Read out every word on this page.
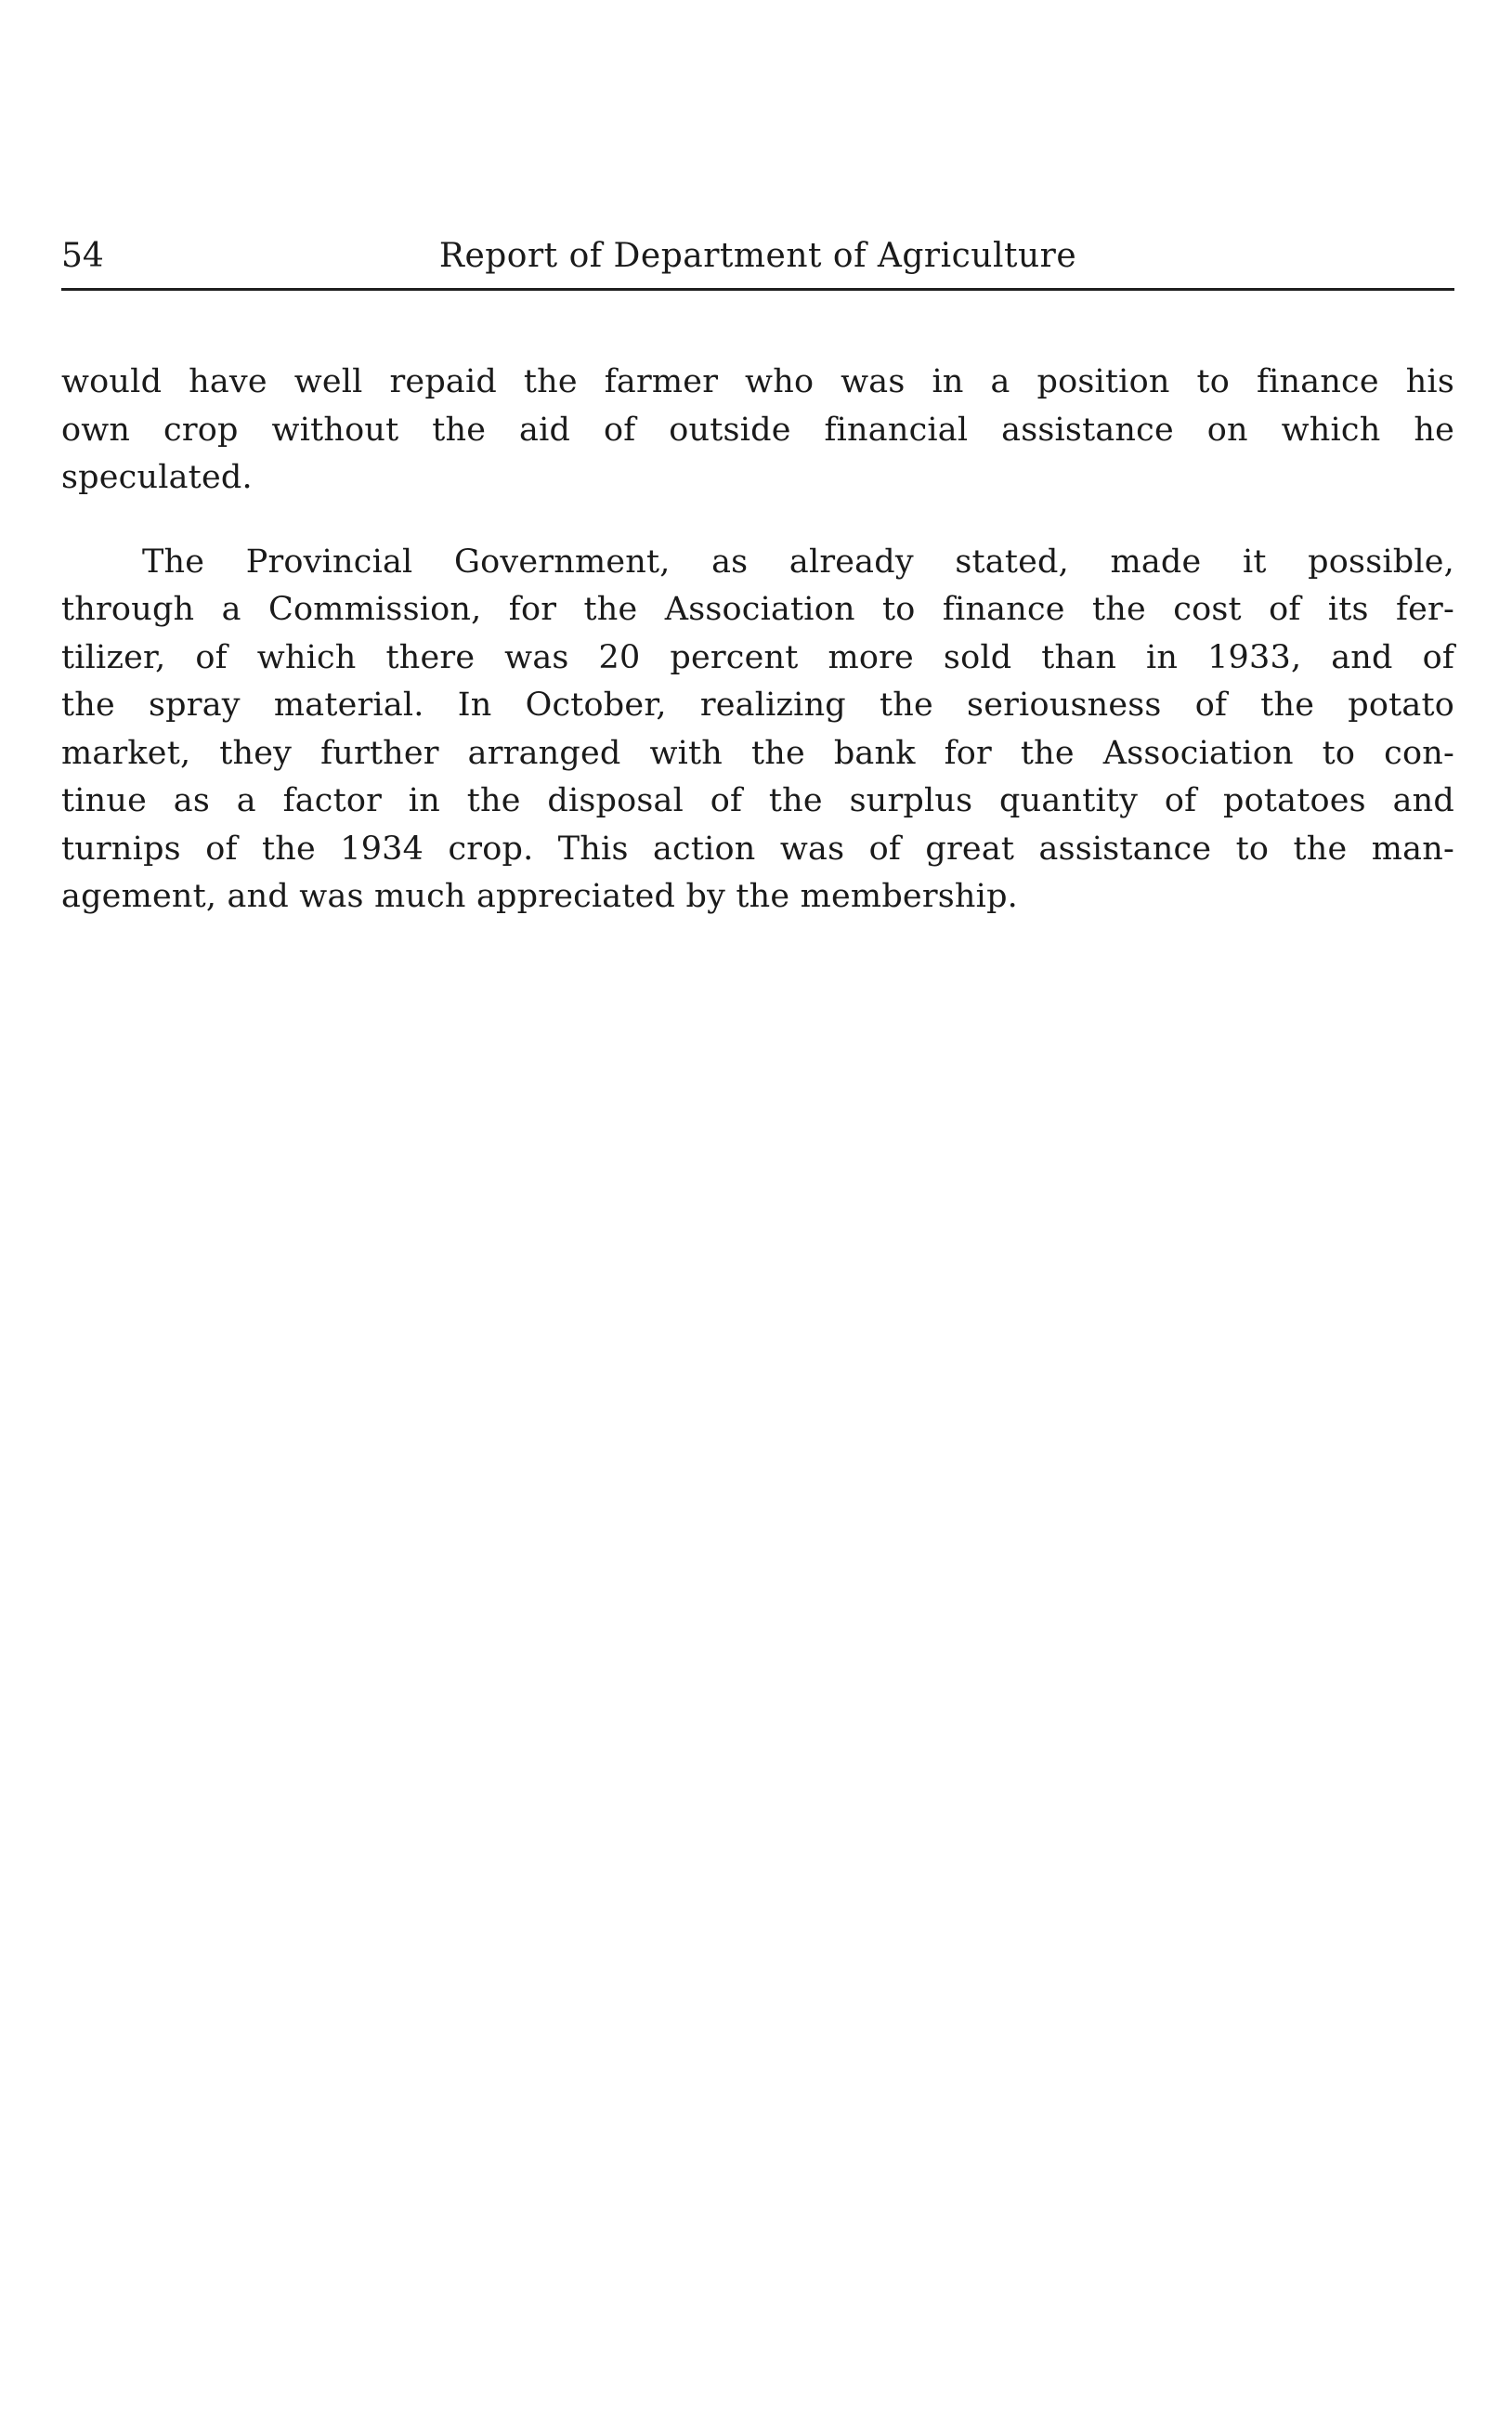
54	Report of Department of Agriculture

would have well repaid the farmer who was in a position to finance his
own crop without the aid of outside financial assistance on which he
speculated.

The Provincial Government, as already stated, made it possible,
through a Commission, for the Association to finance the cost of its fer-
tilizer, of which there was 20 percent more sold than in 1933, and of
the spray material. In October, realizing the seriousness of the potato
market, they further arranged with the bank for the Association to con-
tinue as a factor in the disposal of the surplus quantity of potatoes and
turnips of the 1934 crop. This action was of great assistance to the man-
agement, and was much appreciated by the membership.
